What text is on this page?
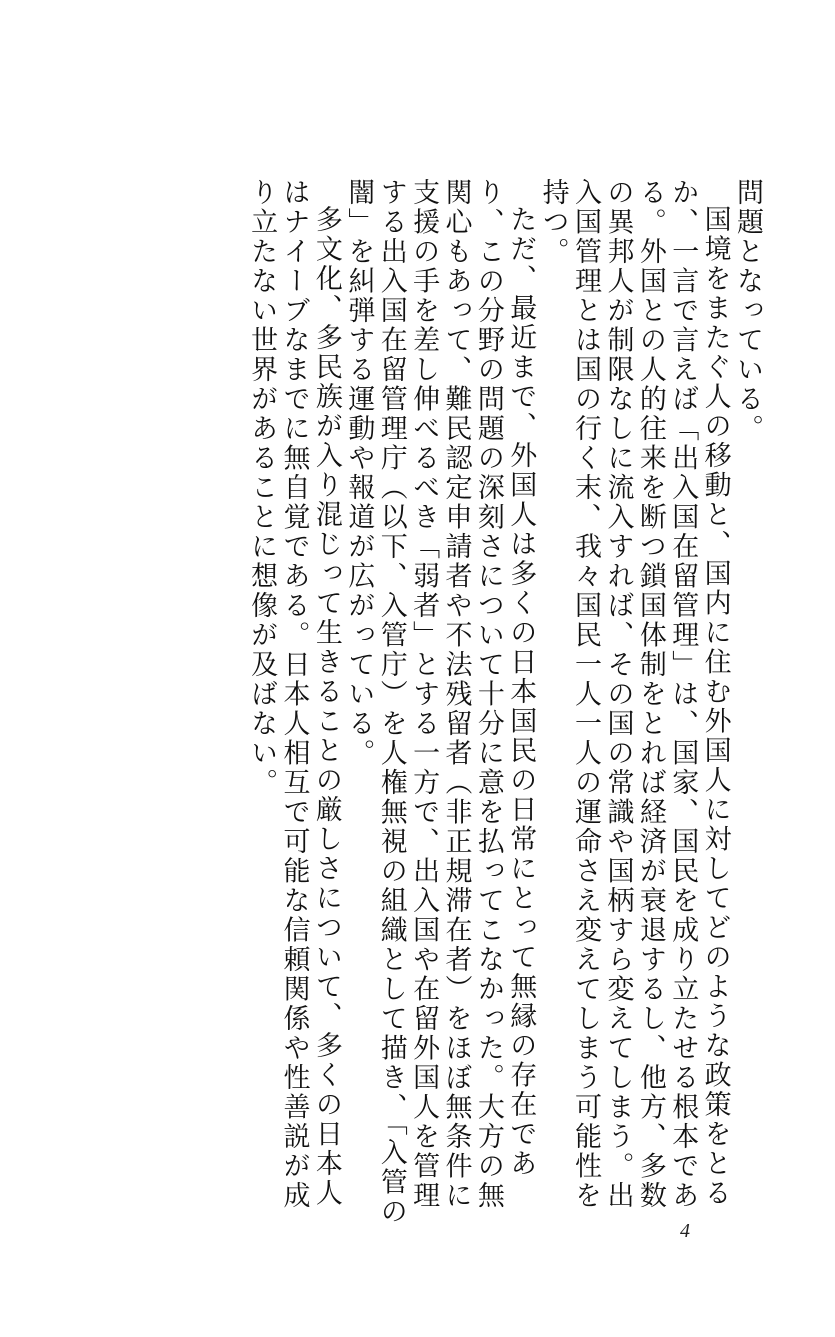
問題となっている。

国境をまたぐ人の移動と、国内に住む外国人に対してどのような政策をとるか、一言で言えば「出入国在留管理」は、国家、国民を成り立たせる根本である。外国との人的往来を断つ鎖国体制をとれば経済が衰退するし、他方、多数の異邦人が制限なしに流入すれば、その国の常識や国柄すら変えてしまう。出入国管理とは国の行く末、我々国民一人一人の運命さえ変えてしまう可能性を持つ。

ただ、最近まで、外国人は多くの日本国民の日常にとって無縁の存在であり、この分野の問題の深刻さについて十分に意を払ってこなかった。大方の無関心もあって、難民認定申請者や不法残留者（非正規滞在者）をほぼ無条件に支援の手を差し伸べるべき「弱者」とする一方で、出入国や在留外国人を管理する出入国在留管理庁（以下、入管庁）を人権無視の組織として描き、「入管の闇」を糾弾する運動や報道が広がっている。

多文化、多民族が入り混じって生きることの厳しさについて、多くの日本人はナイーブなまでに無自覚である。日本人相互で可能な信頼関係や性善説が成り立たない世界があることに想像が及ばない。

4
